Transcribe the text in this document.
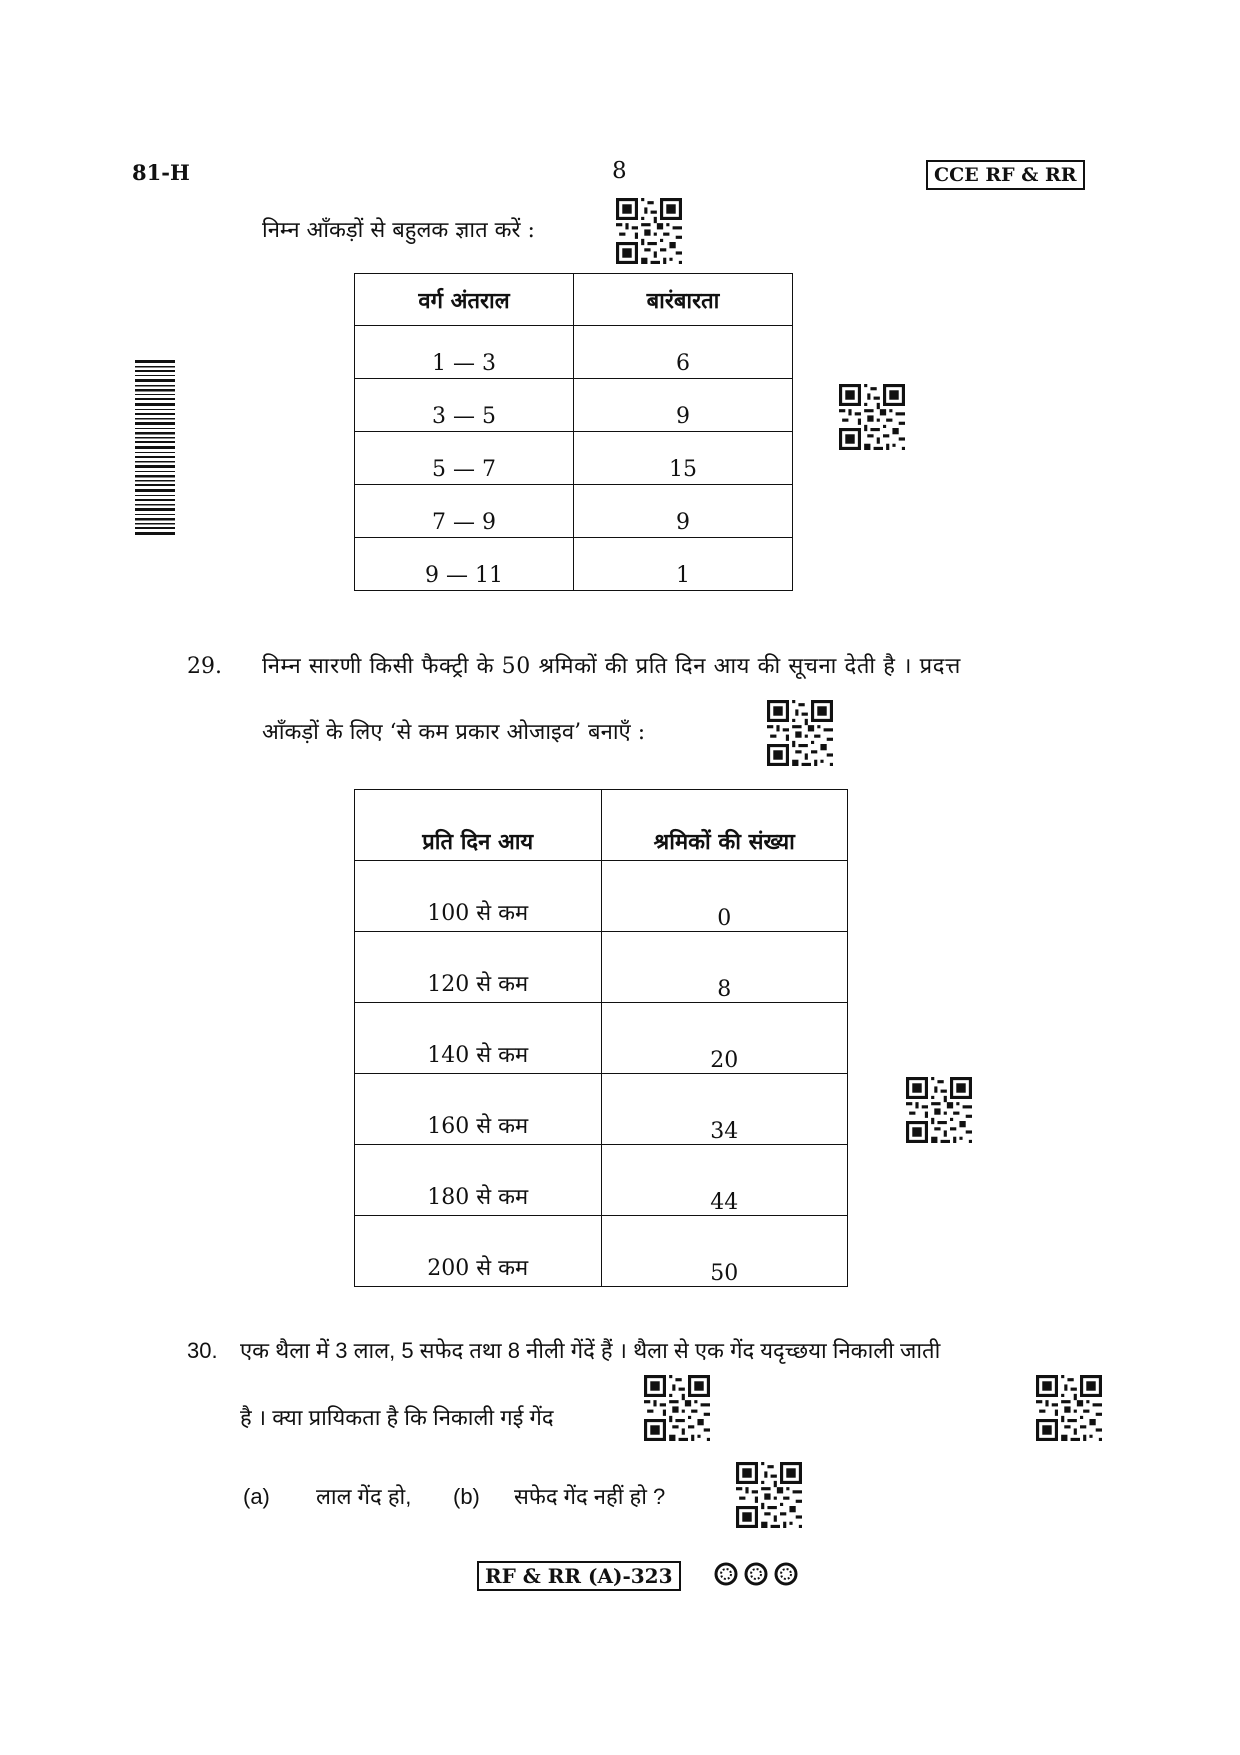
81-H	8	CCE RF & RR
निम्न आँकड़ों से बहुलक ज्ञात करें :
वर्ग अंतराल	बारंबारता
1 — 3	6
3 — 5	9
5 — 7	15
7 — 9	9
9 — 11	1
29. निम्न सारणी किसी फैक्ट्री के 50 श्रमिकों की प्रति दिन आय की सूचना देती है । प्रदत्त
आँकड़ों के लिए ‘से कम प्रकार ओजाइव’ बनाएँ :
प्रति दिन आय	श्रमिकों की संख्या
100 से कम	0
120 से कम	8
140 से कम	20
160 से कम	34
180 से कम	44
200 से कम	50
30. एक थैला में 3 लाल, 5 सफेद तथा 8 नीली गेंदें हैं । थैला से एक गेंद यदृच्छया निकाली जाती
है । क्या प्रायिकता है कि निकाली गई गेंद
(a) लाल गेंद हो, (b) सफेद गेंद नहीं हो ?
RF & RR (A)-323
